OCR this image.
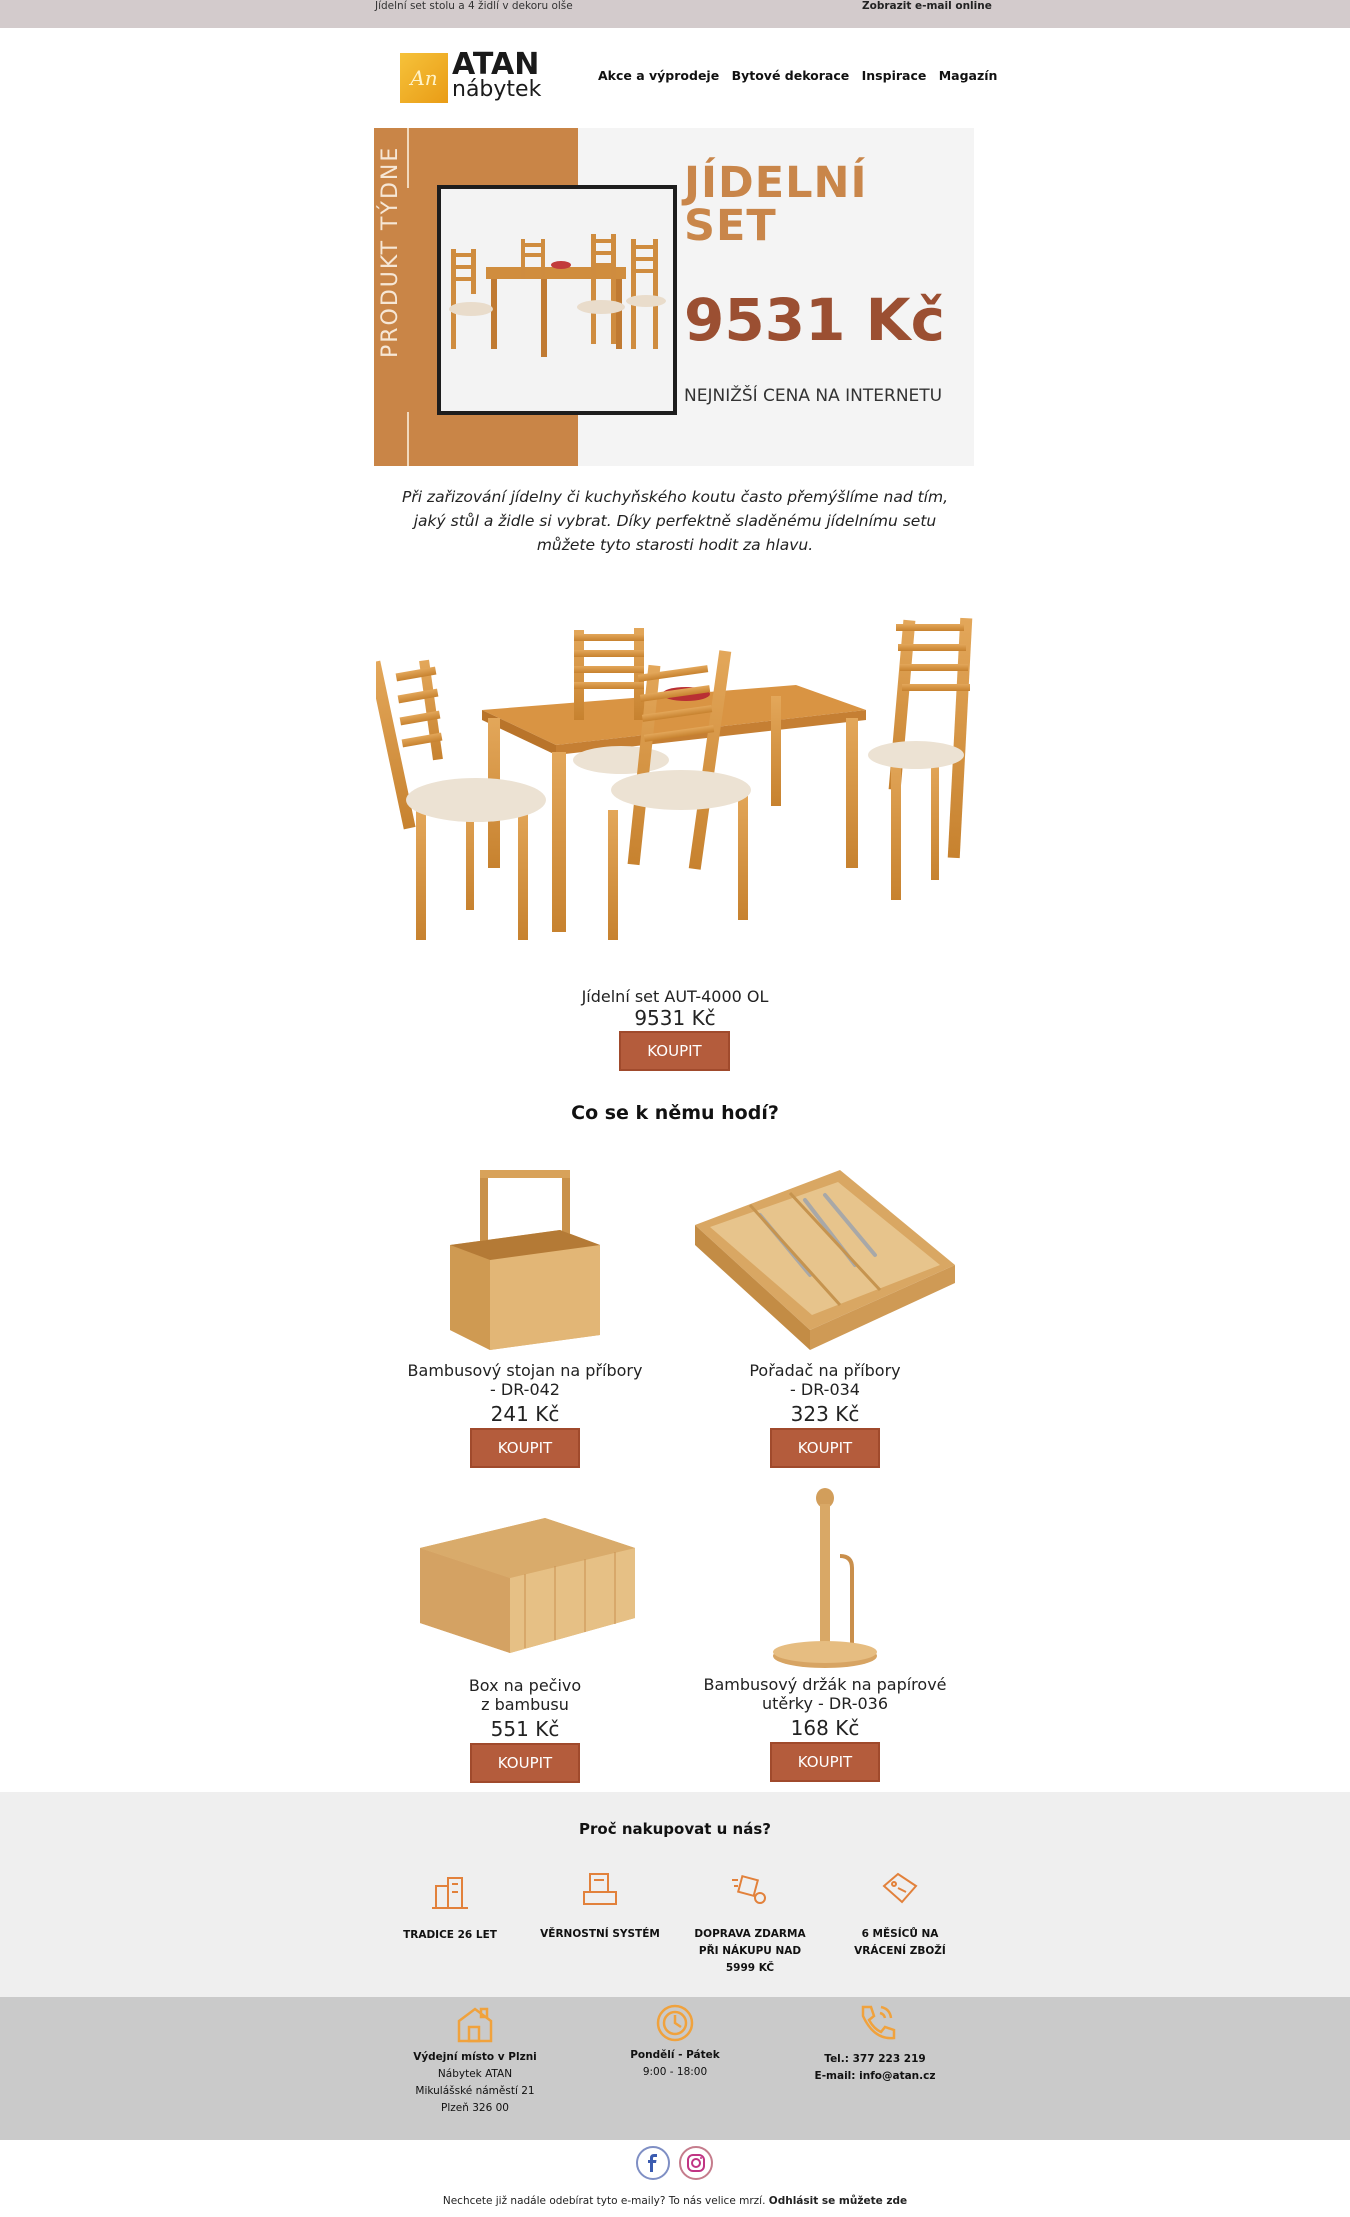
Jídelní set stolu a 4 židlí v dekoru olše	Zobrazit e-mail online
An ATAN
nábytek
Akce a výprodeje Bytové dekorace Inspirace Magazín
PRODUKT TÝDNE	JÍDELNÍ
SET
9531 Kč
NEJNIŽŠÍ CENA NA INTERNETU
Při zařizování jídelny či kuchyňského koutu často přemýšlíme nad tím, jaký stůl a židle si vybrat. Díky perfektně sladěnému jídelnímu setu můžete tyto starosti hodit za hlavu.
Jídelní set AUT-4000 OL
9531 Kč
KOUPIT
Co se k němu hodí?
Bambusový stojan na příbory
- DR-042
241 Kč
KOUPIT
Pořadač na příbory
- DR-034
323 Kč
KOUPIT
Box na pečivo
z bambusu
551 Kč
KOUPIT
Bambusový držák na papírové
utěrky - DR-036
168 Kč
KOUPIT
Proč nakupovat u nás?
TRADICE 26 LET	VĚRNOSTNÍ SYSTÉM	DOPRAVA ZDARMA
PŘI NÁKUPU NAD
5999 KČ
6 MĚSÍCŮ NA
VRÁCENÍ ZBOŽÍ
Výdejní místo v Plzni
Nábytek ATAN
Mikulášské náměstí 21
Plzeň 326 00
Pondělí - Pátek
9:00 - 18:00
Tel.: 377 223 219
E-mail: info@atan.cz
Nechcete již nadále odebírat tyto e-maily? To nás velice mrzí. Odhlásit se můžete zde
